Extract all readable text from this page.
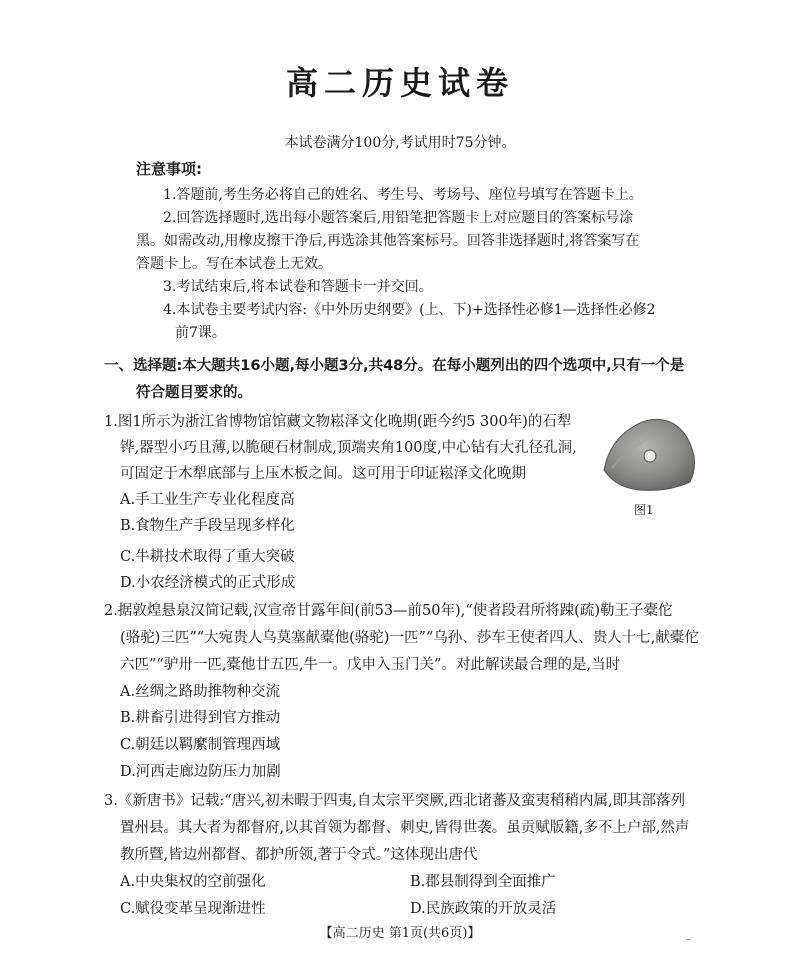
高二历史试卷
本试卷满分100分,考试用时75分钟。
注意事项:
1.答题前,考生务必将自己的姓名、考生号、考场号、座位号填写在答题卡上。
2.回答选择题时,选出每小题答案后,用铅笔把答题卡上对应题目的答案标号涂
黑。如需改动,用橡皮擦干净后,再选涂其他答案标号。回答非选择题时,将答案写在
答题卡上。写在本试卷上无效。
3.考试结束后,将本试卷和答题卡一并交回。
4.本试卷主要考试内容:《中外历史纲要》(上、下)+选择性必修1—选择性必修2
前7课。
一、选择题:本大题共16小题,每小题3分,共48分。在每小题列出的四个选项中,只有一个是
符合题目要求的。
1.图1所示为浙江省博物馆馆藏文物崧泽文化晚期(距今约5 300年)的石犁
铧,器型小巧且薄,以脆硬石材制成,顶端夹角100度,中心钻有大孔径孔洞,
可固定于木犁底部与上压木板之间。这可用于印证崧泽文化晚期
A.手工业生产专业化程度高
B.食物生产手段呈现多样化
C.牛耕技术取得了重大突破
D.小农经济模式的正式形成
图1
2.据敦煌悬泉汉简记载,汉宣帝甘露年间(前53—前50年),“使者段君所将踈(疏)勒王子橐佗
(骆驼)三匹”“大宛贵人乌莫塞献橐他(骆驼)一匹”“乌孙、莎车王使者四人、贵人十七,献橐佗
六匹”“驴卅一匹,橐他廿五匹,牛一。戊申入玉门关”。对此解读最合理的是,当时
A.丝绸之路助推物种交流
B.耕畜引进得到官方推动
C.朝廷以羁縻制管理西域
D.河西走廊边防压力加剧
3.《新唐书》记载:“唐兴,初未暇于四夷,自太宗平突厥,西北诸蕃及蛮夷稍稍内属,即其部落列
置州县。其大者为都督府,以其首领为都督、刺史,皆得世袭。虽贡赋版籍,多不上户部,然声
教所暨,皆边州都督、都护所领,著于令式。”这体现出唐代
A.中央集权的空前强化	B.郡县制得到全面推广
C.赋役变革呈现渐进性	D.民族政策的开放灵活
【高二历史 第1页(共6页)】	–
